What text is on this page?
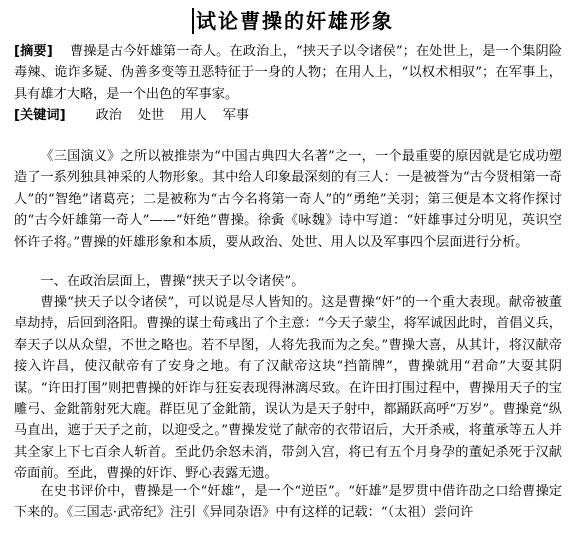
试论曹操的奸雄形象

[摘要] 曹操是古今奸雄第一奇人。在政治上，“挟天子以令诸侯”；在处世上，是一个集阴险毒辣、诡诈多疑、伪善多变等丑恶特征于一身的人物；在用人上，“以权术相驭”；在军事上，具有雄才大略，是一个出色的军事家。

[关键词] 政治 处世 用人 军事

《三国演义》之所以被推崇为“中国古典四大名著”之一，一个最重要的原因就是它成功塑造了一系列独具神采的人物形象。其中给人印象最深刻的有三人：一是被誉为“古今贤相第一奇人”的“智绝”诸葛亮；二是被称为“古今名将第一奇人”的“勇绝”关羽；第三便是本文将作探讨的“古今奸雄第一奇人”——“奸绝”曹操。徐夤《咏魏》诗中写道：“奸雄事过分明见，英识空怀许子将。”曹操的奸雄形象和本质，要从政治、处世、用人以及军事四个层面进行分析。

一、在政治层面上，曹操“挟天子以令诸侯”。

曹操“挟天子以令诸侯”，可以说是尽人皆知的。这是曹操“奸”的一个重大表现。献帝被董卓劫持，后回到洛阳。曹操的谋士荀彧出了个主意：“今天子蒙尘，将军诚因此时，首倡义兵，奉天子以从众望，不世之略也。若不早图，人将先我而为之矣。”曹操大喜，从其计，将汉献帝接入许昌，使汉献帝有了安身之地。有了汉献帝这块“挡箭牌”，曹操就用“君命”大耍其阴谋。“许田打围”则把曹操的奸诈与狂妄表现得淋漓尽致。在许田打围过程中，曹操用天子的宝雕弓、金鈚箭射死大鹿。群臣见了金鈚箭，误认为是天子射中，都踊跃高呼“万岁”。曹操竟“纵马直出，遮于天子之前，以迎受之。”曹操发觉了献帝的衣带诏后，大开杀戒，将董承等五人并其全家上下七百余人斩首。至此仍余怒未消，带剑入宫，将已有五个月身孕的董妃杀死于汉献帝面前。至此，曹操的奸诈、野心表露无遗。

在史书评价中，曹操是一个“奸雄”，是一个“逆臣”。“奸雄”是罗贯中借许劭之口给曹操定下来的。《三国志·武帝纪》注引《异同杂语》中有这样的记载：“（太祖）尝问许
